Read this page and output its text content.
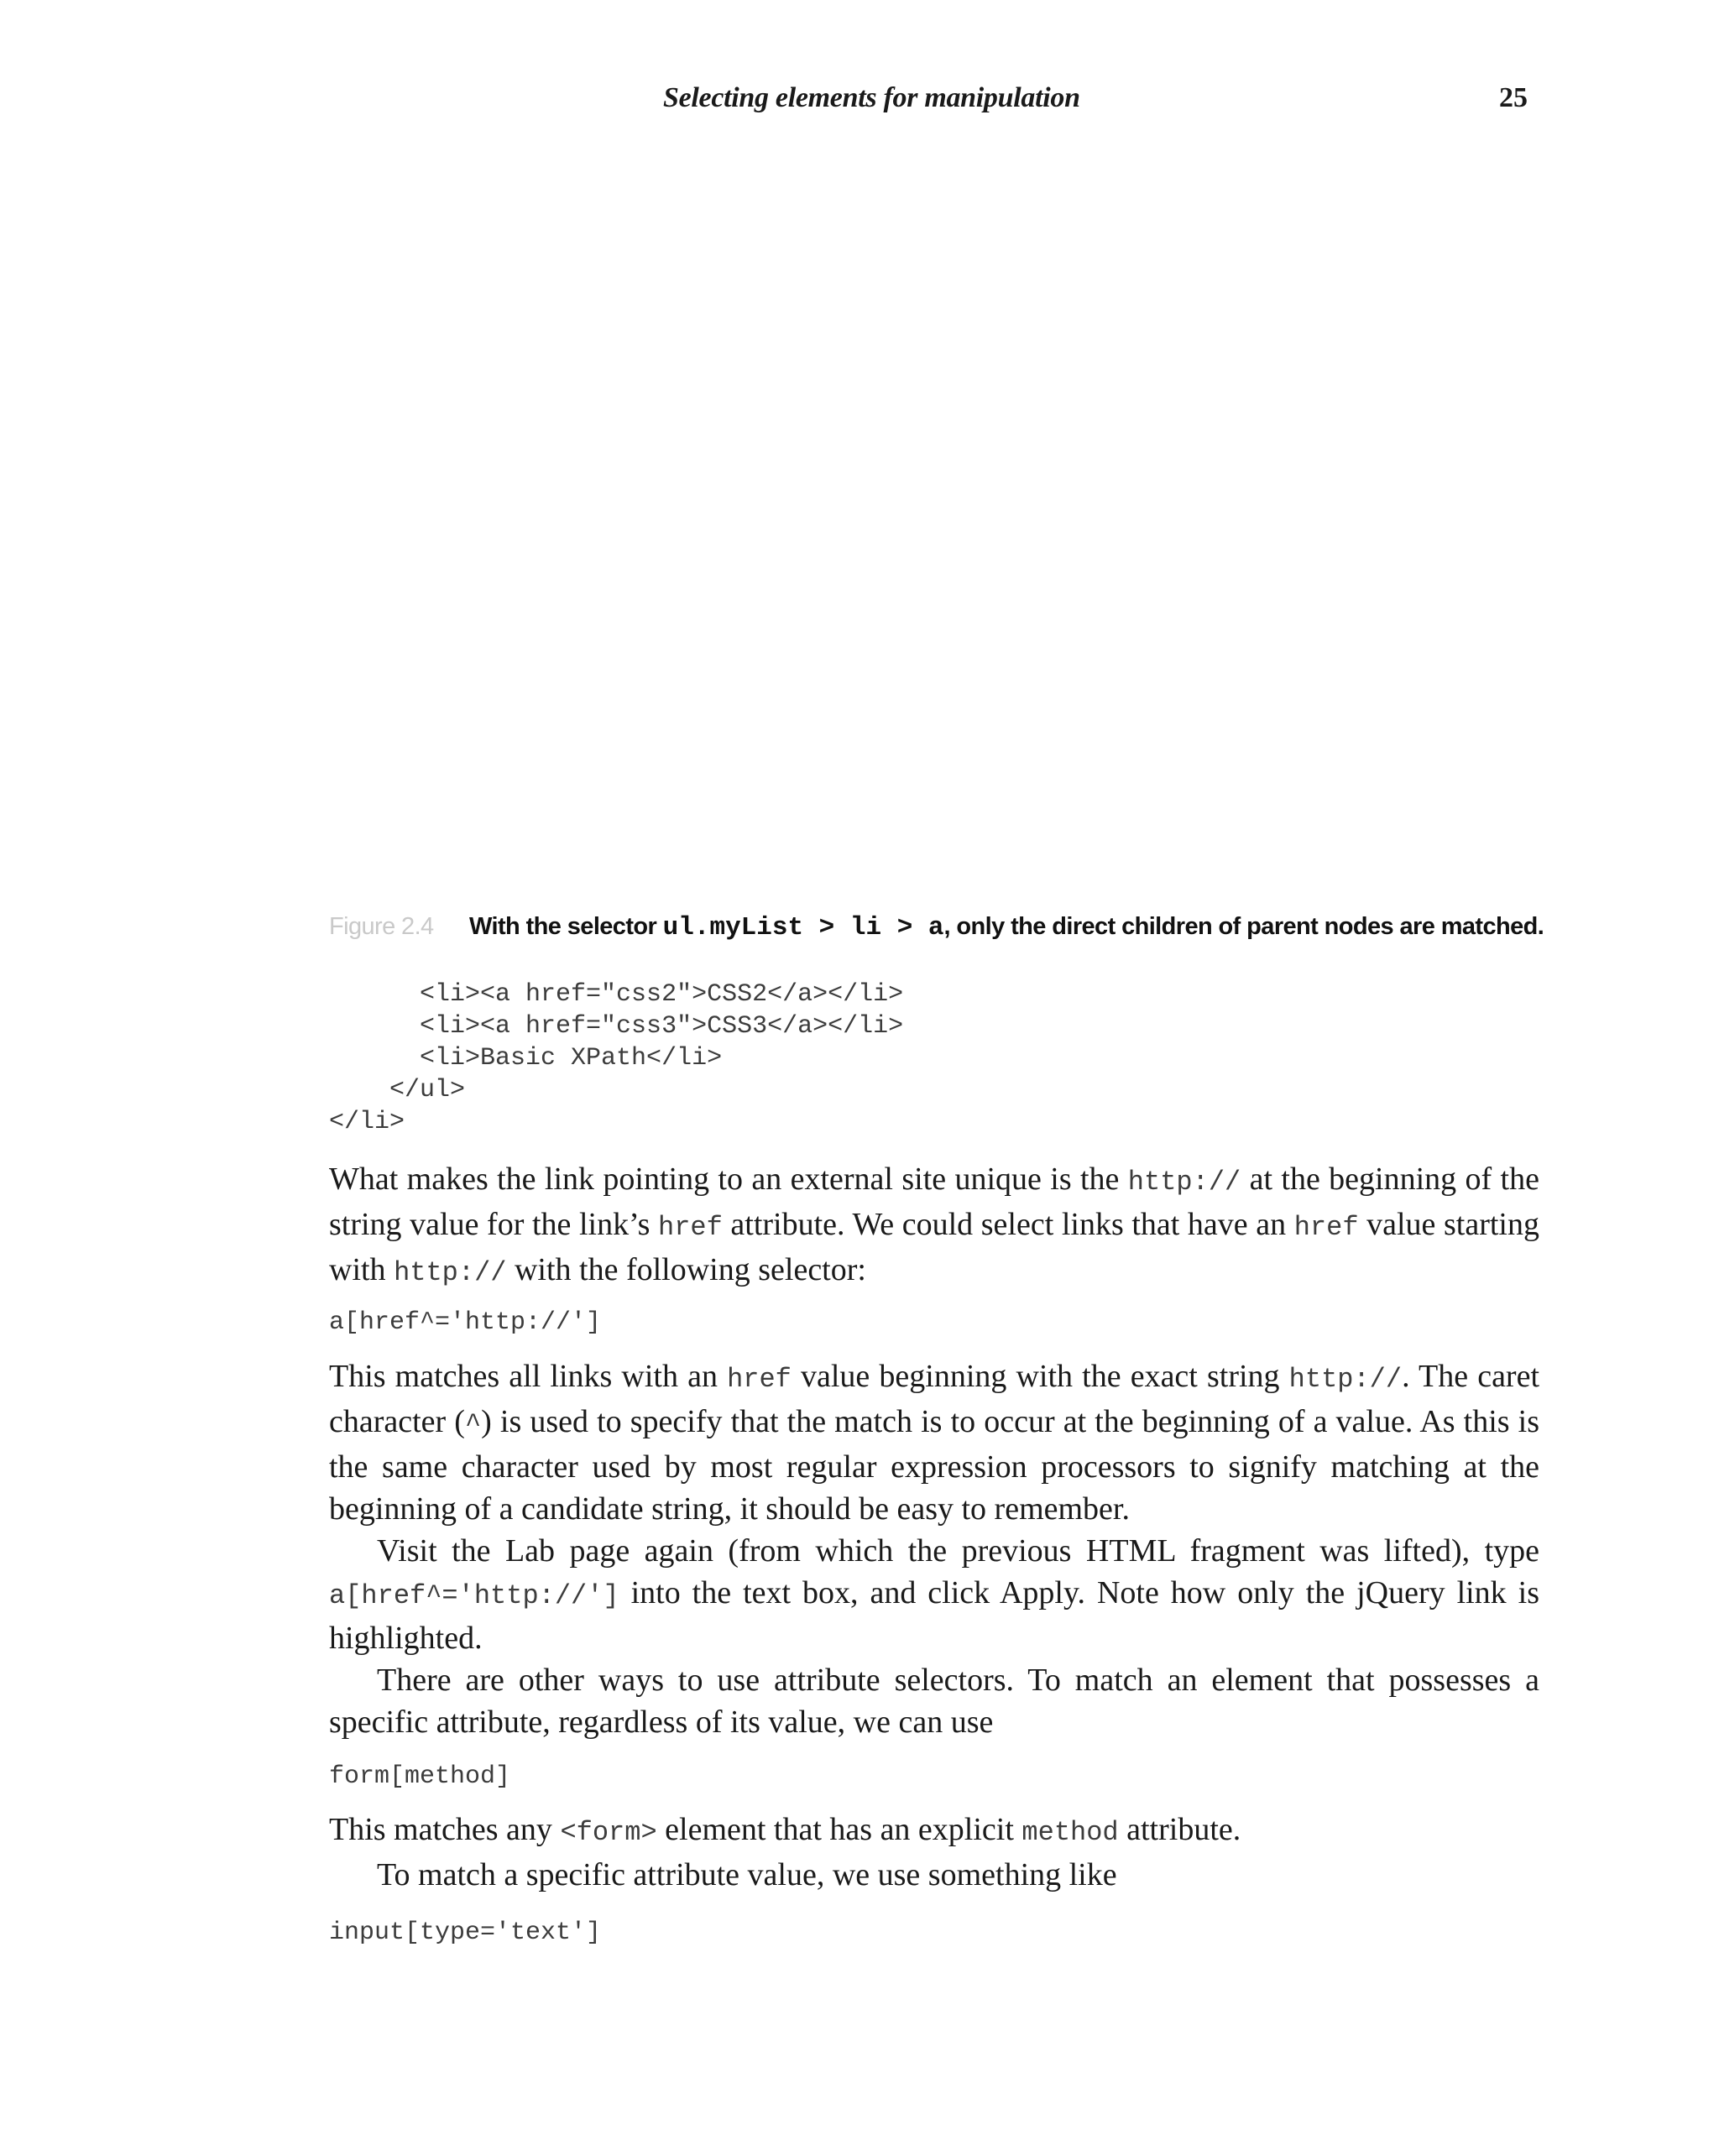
Selecting elements for manipulation	25
Figure 2.4 With the selector ul.myList > li > a, only the direct children of parent nodes are matched.
<li><a href="css2">CSS2</a></li>
<li><a href="css3">CSS3</a></li>
<li>Basic XPath</li>
</ul>
</li>

What makes the link pointing to an external site unique is the http:// at the beginning of the string value for the link’s href attribute. We could select links that have an href value starting with http:// with the following selector:

a[href^='http://']

This matches all links with an href value beginning with the exact string http://. The caret character (^) is used to specify that the match is to occur at the beginning of a value. As this is the same character used by most regular expression processors to signify matching at the beginning of a candidate string, it should be easy to remember.

Visit the Lab page again (from which the previous HTML fragment was lifted), type a[href^='http://'] into the text box, and click Apply. Note how only the jQuery link is highlighted.

There are other ways to use attribute selectors. To match an element that possesses a specific attribute, regardless of its value, we can use

form[method]

This matches any <form> element that has an explicit method attribute.

To match a specific attribute value, we use something like

input[type='text']
